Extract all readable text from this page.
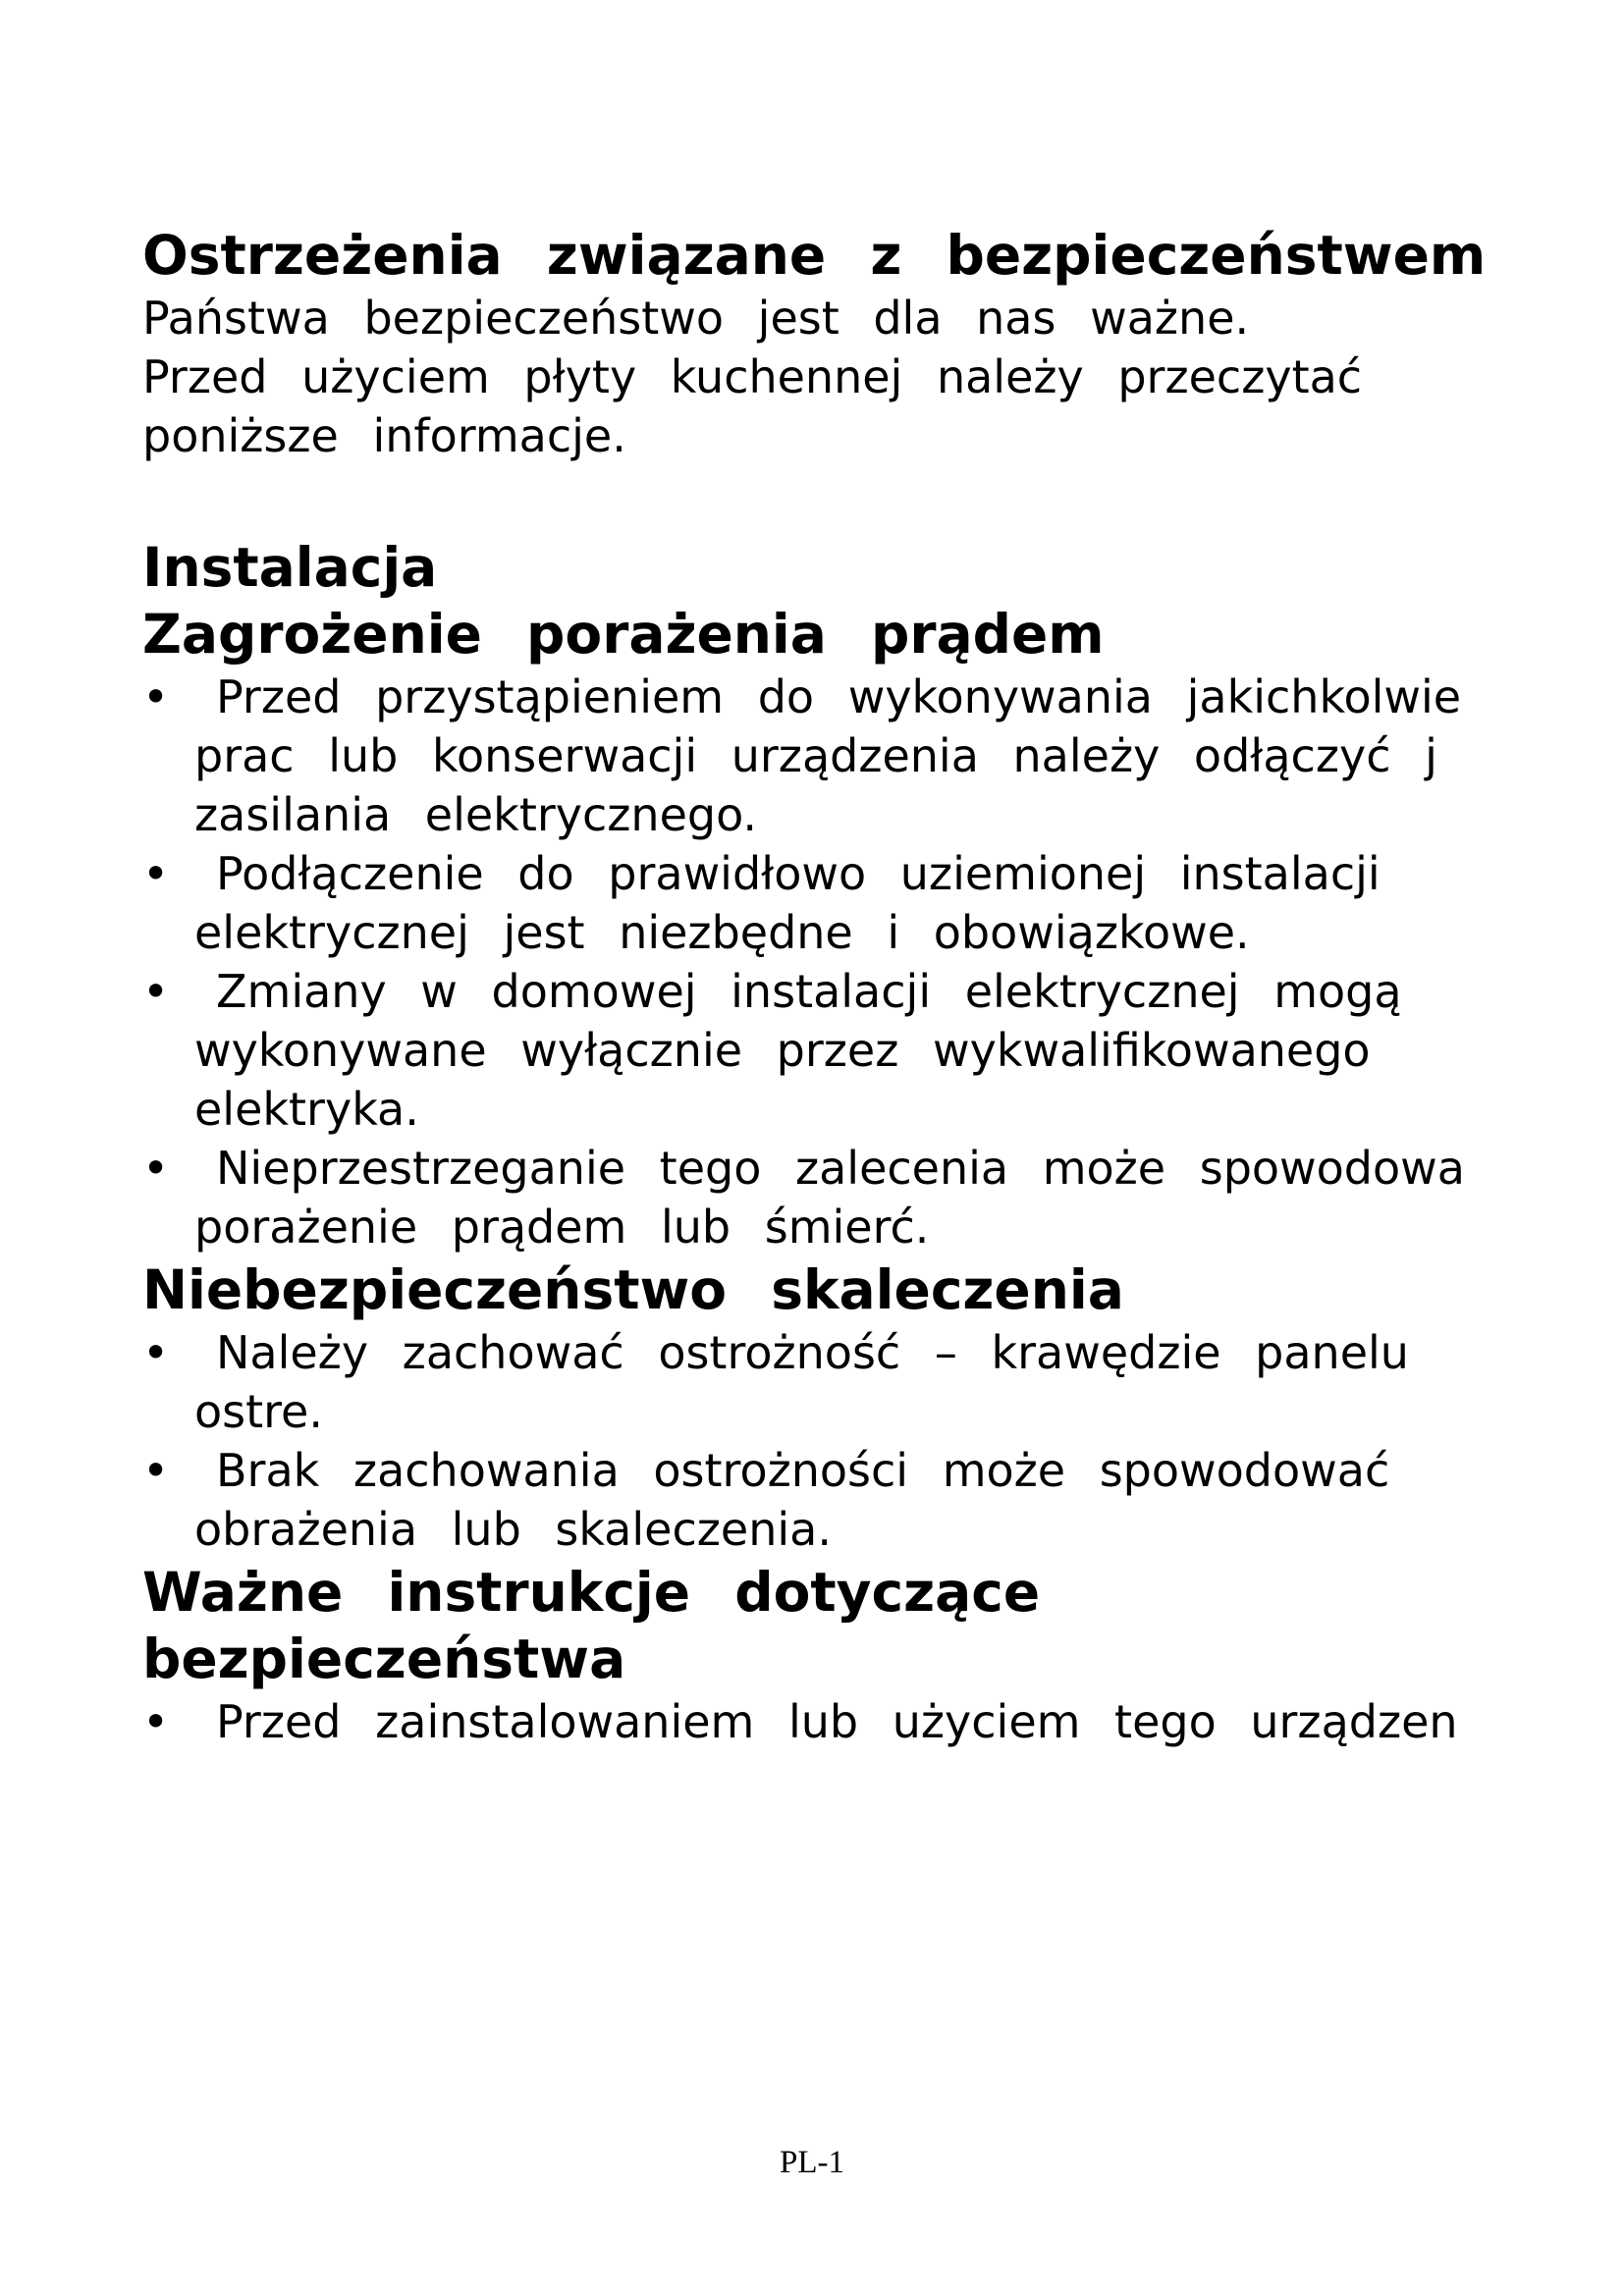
Ostrzeżenia związane z bezpieczeństwem
Państwa bezpieczeństwo jest dla nas ważne.
Przed użyciem płyty kuchennej należy przeczytać
poniższe informacje.
Instalacja
Zagrożenie porażenia prądem
•	Przed przystąpieniem do wykonywania jakichkolwie
prac lub konserwacji urządzenia należy odłączyć j
zasilania elektrycznego.
•	Podłączenie do prawidłowo uziemionej instalacji
elektrycznej jest niezbędne i obowiązkowe.
•	Zmiany w domowej instalacji elektrycznej mogą
wykonywane wyłącznie przez wykwalifikowanego
elektryka.
•	Nieprzestrzeganie tego zalecenia może spowodowa
porażenie prądem lub śmierć.
Niebezpieczeństwo skaleczenia
•	Należy zachować ostrożność – krawędzie panelu
ostre.
•	Brak zachowania ostrożności może spowodować
obrażenia lub skaleczenia.
Ważne instrukcje dotyczące
bezpieczeństwa
•	Przed zainstalowaniem lub użyciem tego urządzen
PL-1
